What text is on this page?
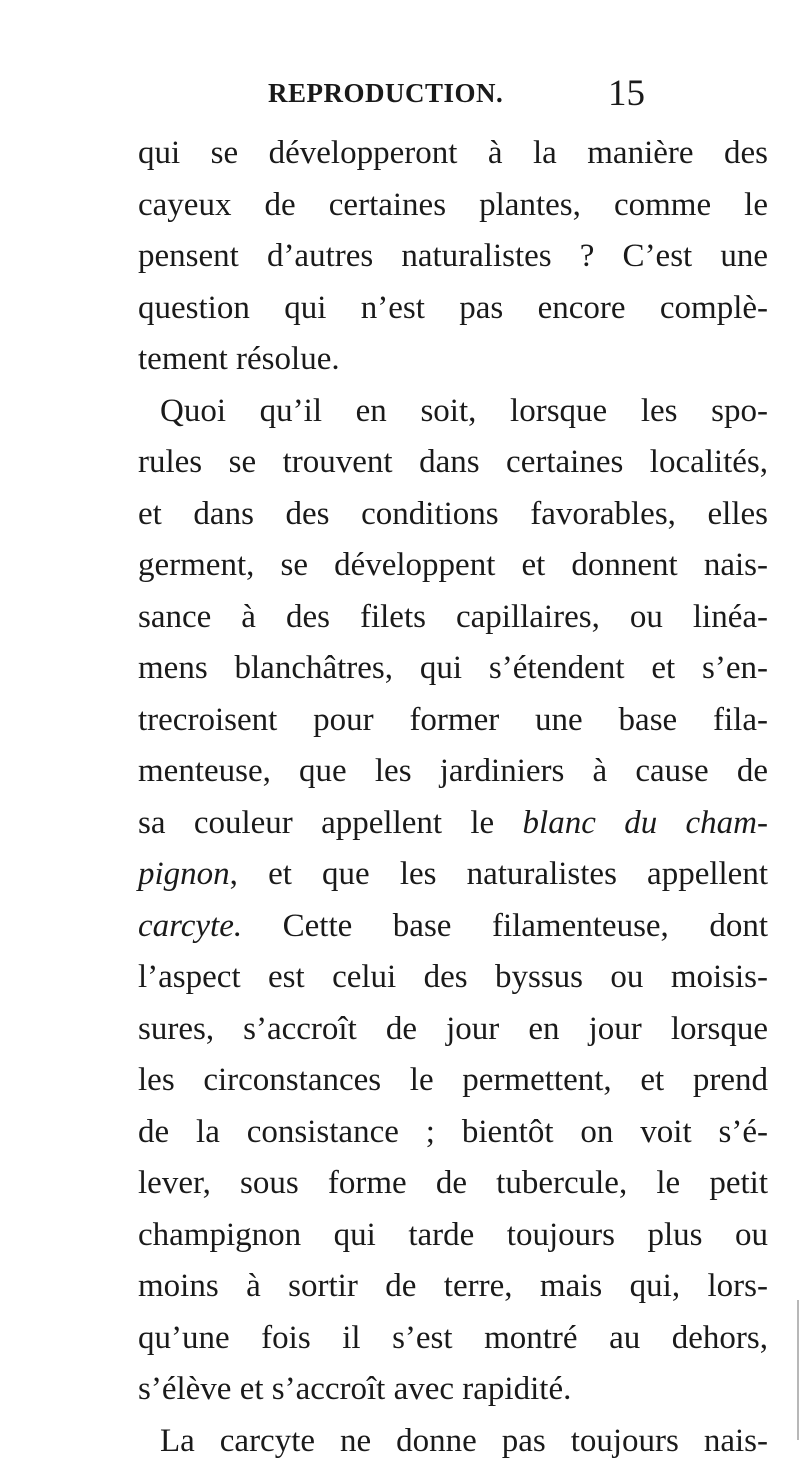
REPRODUCTION.	15
qui se développeront à la manière des
cayeux de certaines plantes, comme le
pensent d’autres naturalistes ? C’est une
question qui n’est pas encore complè-
tement résolue.
Quoi qu’il en soit, lorsque les spo-
rules se trouvent dans certaines localités,
et dans des conditions favorables, elles
germent, se développent et donnent nais-
sance à des filets capillaires, ou linéa-
mens blanchâtres, qui s’étendent et s’en-
trecroisent pour former une base fila-
menteuse, que les jardiniers à cause de
sa couleur appellent le blanc du cham-
pignon, et que les naturalistes appellent
carcyte. Cette base filamenteuse, dont
l’aspect est celui des byssus ou moisis-
sures, s’accroît de jour en jour lorsque
les circonstances le permettent, et prend
de la consistance ; bientôt on voit s’é-
lever, sous forme de tubercule, le petit
champignon qui tarde toujours plus ou
moins à sortir de terre, mais qui, lors-
qu’une fois il s’est montré au dehors,
s’élève et s’accroît avec rapidité.
La carcyte ne donne pas toujours nais-
